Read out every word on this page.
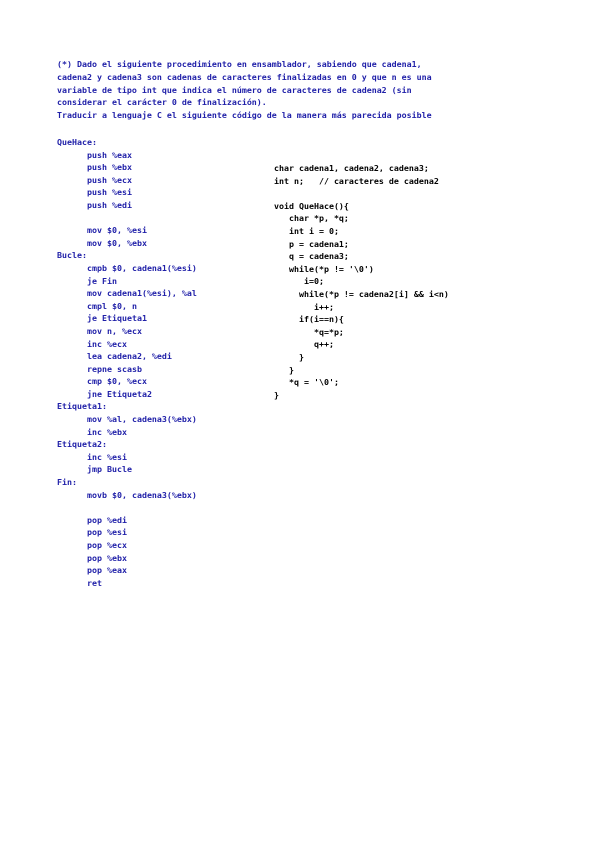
(*) Dado el siguiente procedimiento en ensamblador, sabiendo que cadena1,
cadena2 y cadena3 son cadenas de caracteres finalizadas en 0 y que n es una
variable de tipo int que indica el número de caracteres de cadena2 (sin
considerar el carácter 0 de finalización).
Traducir a lenguaje C el siguiente código de la manera más parecida posible
QueHace:
push %eax
push %ebx
push %ecx
push %esi
push %edi
mov $0, %esi
mov $0, %ebx
Bucle:
cmpb $0, cadena1(%esi)
je Fin
mov cadena1(%esi), %al
cmpl $0, n
je Etiqueta1
mov n, %ecx
inc %ecx
lea cadena2, %edi
repne scasb
cmp $0, %ecx
jne Etiqueta2
Etiqueta1:
mov %al, cadena3(%ebx)
inc %ebx
Etiqueta2:
inc %esi
jmp Bucle
Fin:
movb $0, cadena3(%ebx)
pop %edi
pop %esi
pop %ecx
pop %ebx
pop %eax
ret
char cadena1, cadena2, cadena3;
int n;   // caracteres de cadena2
void QueHace(){
char *p, *q;
int i = 0;
p = cadena1;
q = cadena3;
while(*p != '\0')
i=0;
while(*p != cadena2[i] && i<n)
i++;
if(i==n){
*q=*p;
q++;
}
}
*q = '\0';
}
